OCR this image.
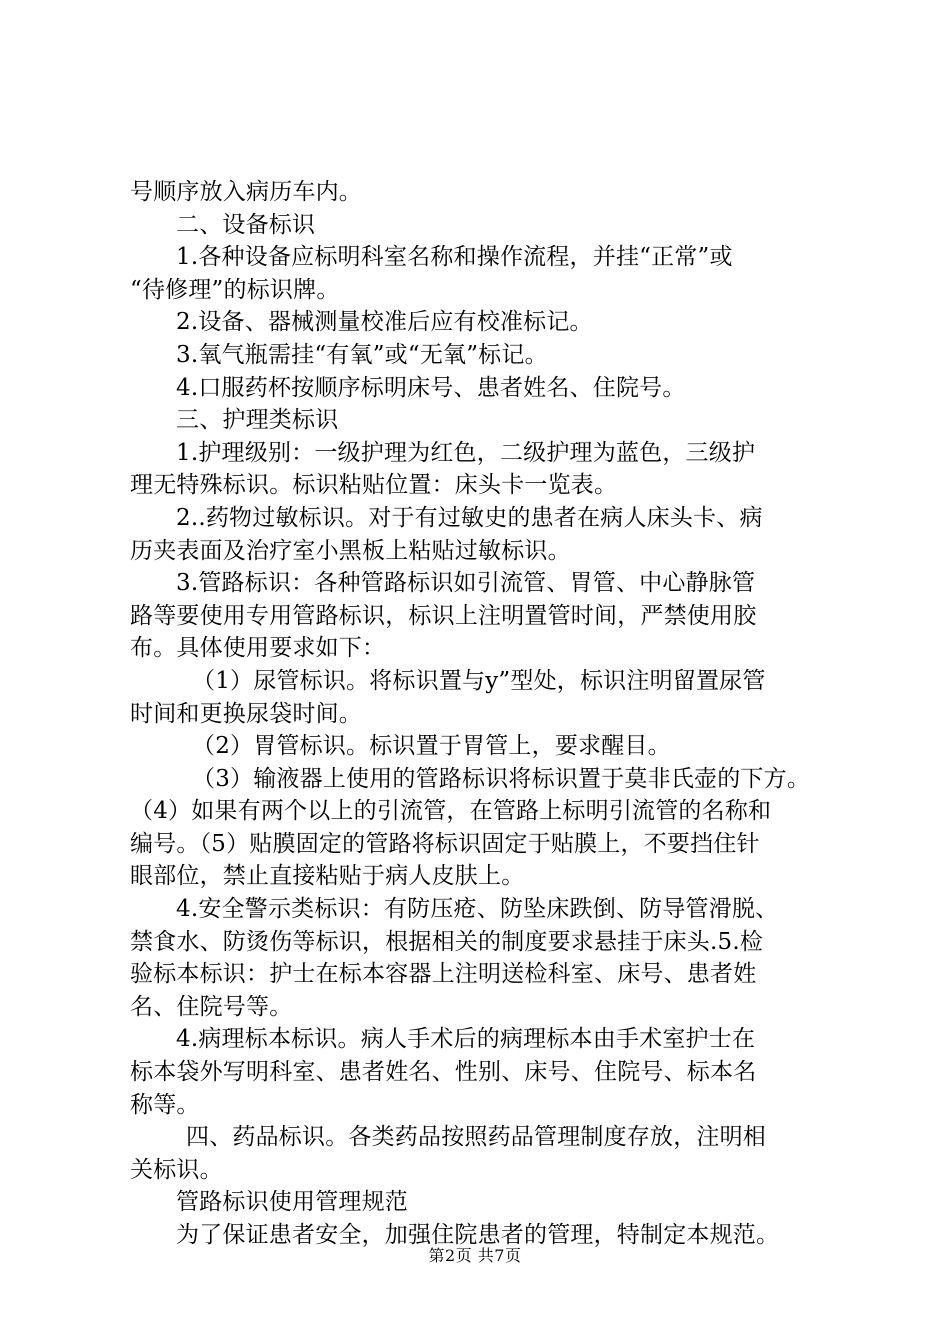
号顺序放入病历车内。
二、设备标识
1.各种设备应标明科室名称和操作流程，并挂“正常”或
“待修理”的标识牌。
2.设备、器械测量校准后应有校准标记。
3.氧气瓶需挂“有氧”或“无氧”标记。
4.口服药杯按顺序标明床号、患者姓名、住院号。
三、护理类标识
1.护理级别：一级护理为红色，二级护理为蓝色，三级护
理无特殊标识。标识粘贴位置：床头卡一览表。
2..药物过敏标识。对于有过敏史的患者在病人床头卡、病
历夹表面及治疗室小黑板上粘贴过敏标识。
3.管路标识：各种管路标识如引流管、胃管、中心静脉管
路等要使用专用管路标识，标识上注明置管时间，严禁使用胶
布。具体使用要求如下：
（1）尿管标识。将标识置与y”型处，标识注明留置尿管
时间和更换尿袋时间。
（2）胃管标识。标识置于胃管上，要求醒目。
（3）输液器上使用的管路标识将标识置于莫非氏壶的下方。
（4）如果有两个以上的引流管，在管路上标明引流管的名称和
编号。（5）贴膜固定的管路将标识固定于贴膜上，不要挡住针
眼部位，禁止直接粘贴于病人皮肤上。
4.安全警示类标识：有防压疮、防坠床跌倒、防导管滑脱、
禁食水、防烫伤等标识，根据相关的制度要求悬挂于床头.5.检
验标本标识：护士在标本容器上注明送检科室、床号、患者姓
名、住院号等。
4.病理标本标识。病人手术后的病理标本由手术室护士在
标本袋外写明科室、患者姓名、性别、床号、住院号、标本名
称等。
四、药品标识。各类药品按照药品管理制度存放，注明相
关标识。
管路标识使用管理规范
为了保证患者安全，加强住院患者的管理，特制定本规范。
第2页 共7页
